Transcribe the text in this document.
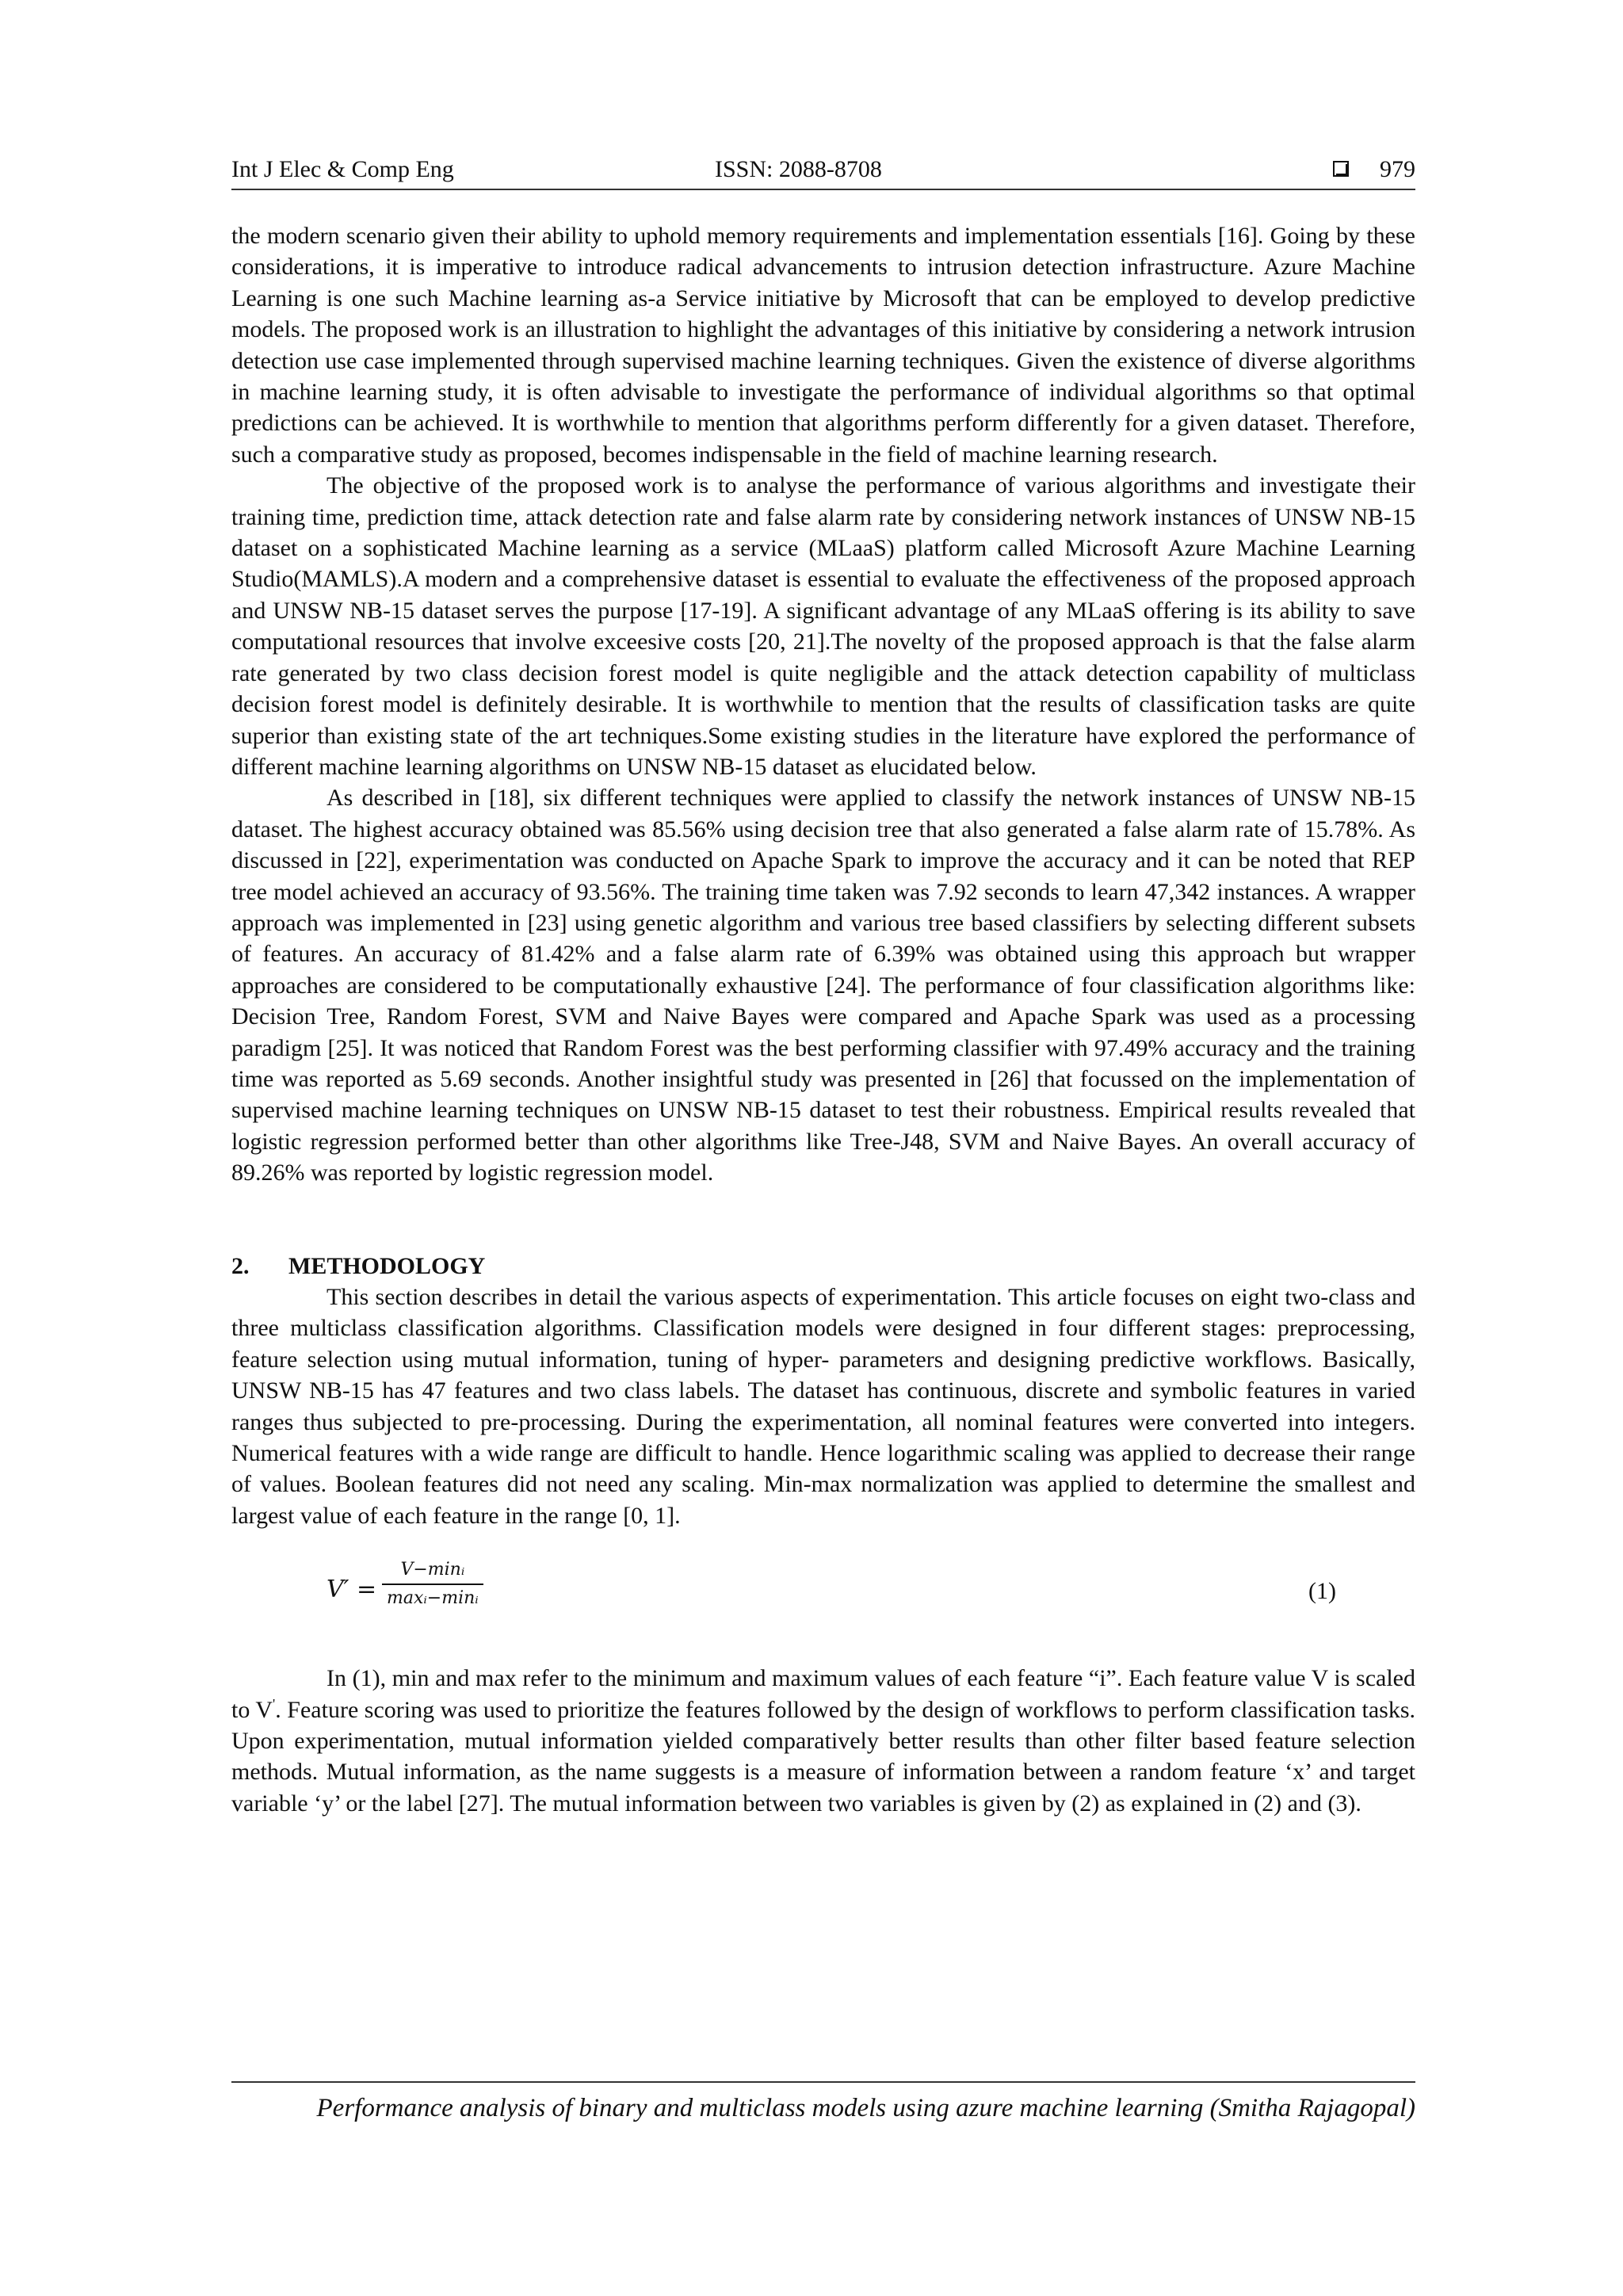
Int J Elec & Comp Eng	ISSN: 2088-8708	979

the modern scenario given their ability to uphold memory requirements and implementation essentials [16]. Going by these considerations, it is imperative to introduce radical advancements to intrusion detection infrastructure. Azure Machine Learning is one such Machine learning as-a Service initiative by Microsoft that can be employed to develop predictive models. The proposed work is an illustration to highlight the advantages of this initiative by considering a network intrusion detection use case implemented through supervised machine learning techniques. Given the existence of diverse algorithms in machine learning study, it is often advisable to investigate the performance of individual algorithms so that optimal predictions can be achieved. It is worthwhile to mention that algorithms perform differently for a given dataset. Therefore, such a comparative study as proposed, becomes indispensable in the field of machine learning research.

The objective of the proposed work is to analyse the performance of various algorithms and investigate their training time, prediction time, attack detection rate and false alarm rate by considering network instances of UNSW NB-15 dataset on a sophisticated Machine learning as a service (MLaaS) platform called Microsoft Azure Machine Learning Studio(MAMLS).A modern and a comprehensive dataset is essential to evaluate the effectiveness of the proposed approach and UNSW NB-15 dataset serves the purpose [17-19]. A significant advantage of any MLaaS offering is its ability to save computational resources that involve exceesive costs [20, 21].The novelty of the proposed approach is that the false alarm rate generated by two class decision forest model is quite negligible and the attack detection capability of multiclass decision forest model is definitely desirable. It is worthwhile to mention that the results of classification tasks are quite superior than existing state of the art techniques.Some existing studies in the literature have explored the performance of different machine learning algorithms on UNSW NB-15 dataset as elucidated below.

As described in [18], six different techniques were applied to classify the network instances of UNSW NB-15 dataset. The highest accuracy obtained was 85.56% using decision tree that also generated a false alarm rate of 15.78%. As discussed in [22], experimentation was conducted on Apache Spark to improve the accuracy and it can be noted that REP tree model achieved an accuracy of 93.56%. The training time taken was 7.92 seconds to learn 47,342 instances. A wrapper approach was implemented in [23] using genetic algorithm and various tree based classifiers by selecting different subsets of features. An accuracy of 81.42% and a false alarm rate of 6.39% was obtained using this approach but wrapper approaches are considered to be computationally exhaustive [24]. The performance of four classification algorithms like: Decision Tree, Random Forest, SVM and Naive Bayes were compared and Apache Spark was used as a processing paradigm [25]. It was noticed that Random Forest was the best performing classifier with 97.49% accuracy and the training time was reported as 5.69 seconds. Another insightful study was presented in [26] that focussed on the implementation of supervised machine learning techniques on UNSW NB-15 dataset to test their robustness. Empirical results revealed that logistic regression performed better than other algorithms like Tree-J48, SVM and Naive Bayes. An overall accuracy of 89.26% was reported by logistic regression model.

2. METHODOLOGY

This section describes in detail the various aspects of experimentation. This article focuses on eight two-class and three multiclass classification algorithms. Classification models were designed in four different stages: preprocessing, feature selection using mutual information, tuning of hyper- parameters and designing predictive workflows. Basically, UNSW NB-15 has 47 features and two class labels. The dataset has continuous, discrete and symbolic features in varied ranges thus subjected to pre-processing. During the experimentation, all nominal features were converted into integers. Numerical features with a wide range are difficult to handle. Hence logarithmic scaling was applied to decrease their range of values. Boolean features did not need any scaling. Min-max normalization was applied to determine the smallest and largest value of each feature in the range [0, 1].

V′ =
V−minᵢ
maxᵢ−minᵢ	(1)

In (1), min and max refer to the minimum and maximum values of each feature “i”. Each feature value V is scaled to V'. Feature scoring was used to prioritize the features followed by the design of workflows to perform classification tasks. Upon experimentation, mutual information yielded comparatively better results than other filter based feature selection methods. Mutual information, as the name suggests is a measure of information between a random feature ‘x’ and target variable ‘y’ or the label [27]. The mutual information between two variables is given by (2) as explained in (2) and (3).

Performance analysis of binary and multiclass models using azure machine learning (Smitha Rajagopal)
